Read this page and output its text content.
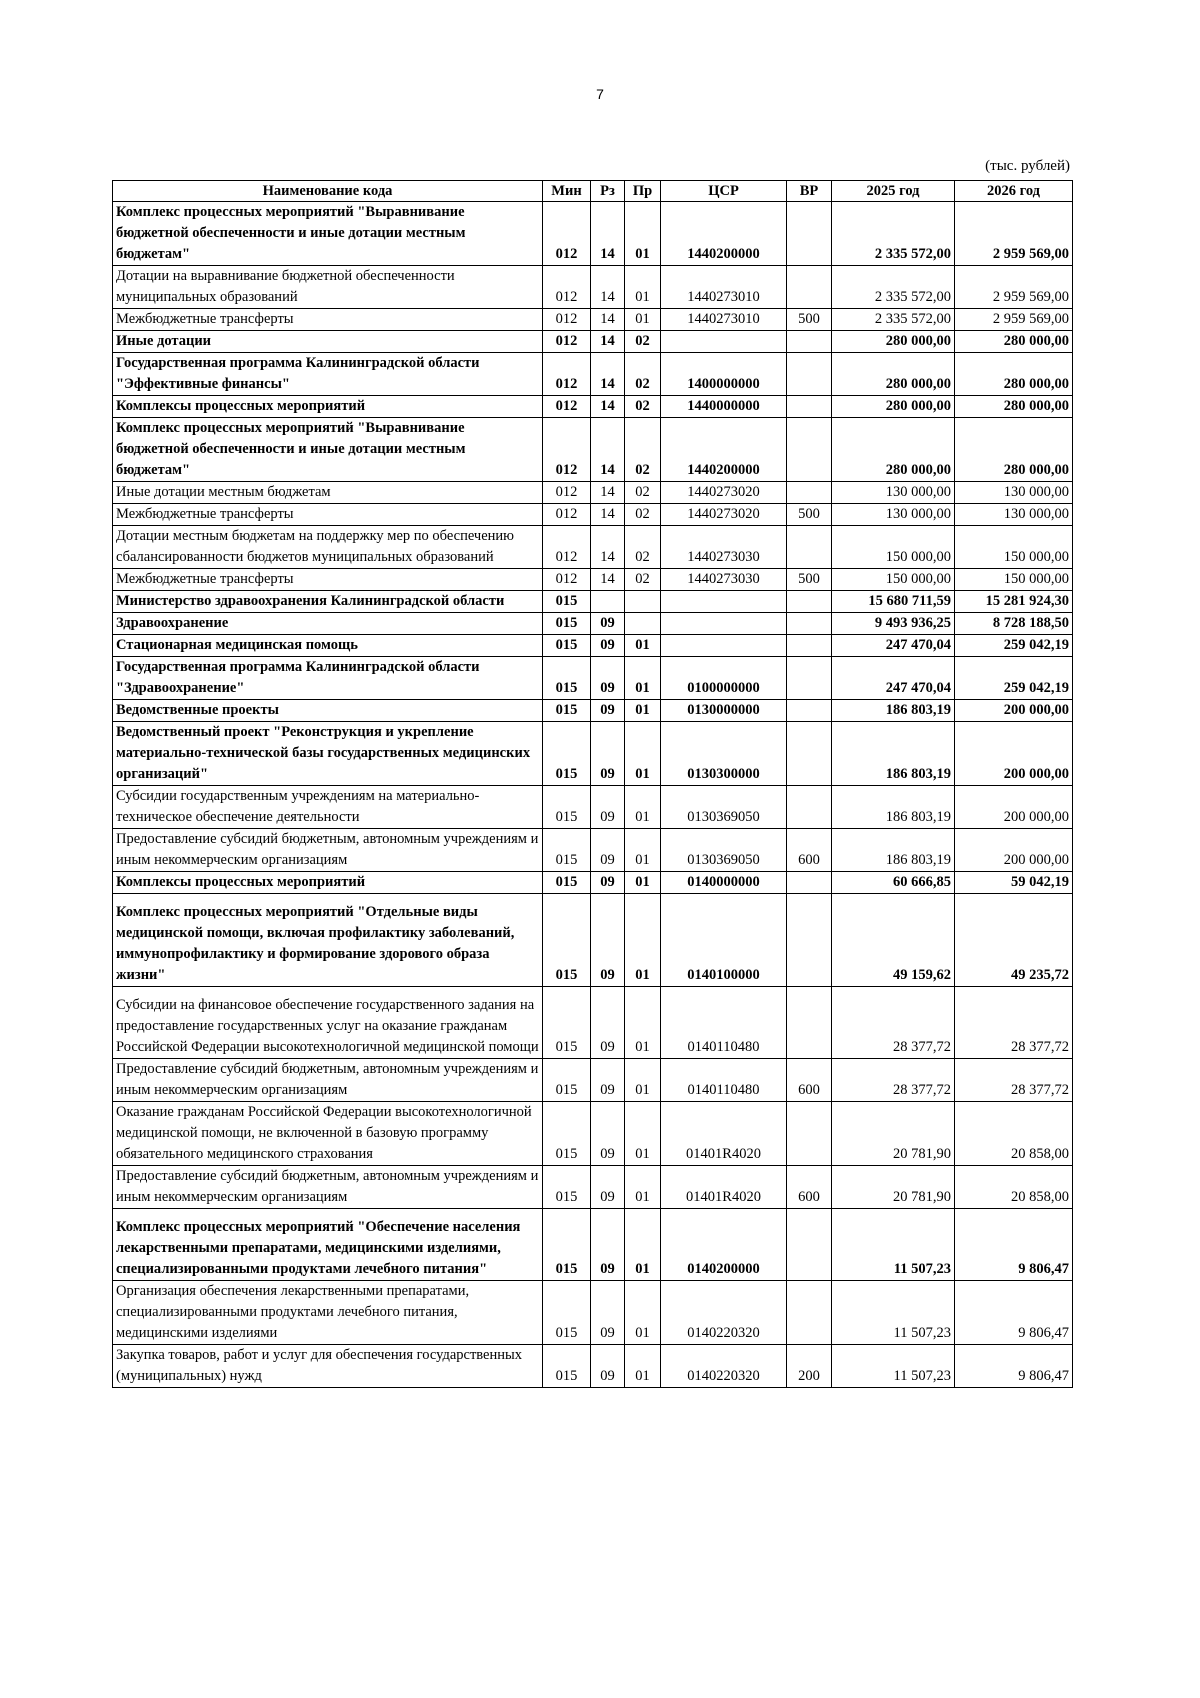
7
(тыс. рублей)
Наименование кода	Мин	Рз	Пр	ЦСР	ВР	2025 год	2026 год
Комплекс процессных мероприятий "Выравнивание бюджетной обеспеченности и иные дотации местным бюджетам"	012	14	01	1440200000		2 335 572,00	2 959 569,00
Дотации на выравнивание бюджетной обеспеченности муниципальных образований	012	14	01	1440273010		2 335 572,00	2 959 569,00
Межбюджетные трансферты	012	14	01	1440273010	500	2 335 572,00	2 959 569,00
Иные дотации	012	14	02			280 000,00	280 000,00
Государственная программа Калининградской области "Эффективные финансы"	012	14	02	1400000000		280 000,00	280 000,00
Комплексы процессных мероприятий	012	14	02	1440000000		280 000,00	280 000,00
Комплекс процессных мероприятий "Выравнивание бюджетной обеспеченности и иные дотации местным бюджетам"	012	14	02	1440200000		280 000,00	280 000,00
Иные дотации местным бюджетам	012	14	02	1440273020		130 000,00	130 000,00
Межбюджетные трансферты	012	14	02	1440273020	500	130 000,00	130 000,00
Дотации местным бюджетам на поддержку мер по обеспечению сбалансированности бюджетов муниципальных образований	012	14	02	1440273030		150 000,00	150 000,00
Межбюджетные трансферты	012	14	02	1440273030	500	150 000,00	150 000,00
Министерство здравоохранения Калининградской области	015					15 680 711,59	15 281 924,30
Здравоохранение	015	09				9 493 936,25	8 728 188,50
Стационарная медицинская помощь	015	09	01			247 470,04	259 042,19
Государственная программа Калининградской области "Здравоохранение"	015	09	01	0100000000		247 470,04	259 042,19
Ведомственные проекты	015	09	01	0130000000		186 803,19	200 000,00
Ведомственный проект "Реконструкция и укрепление материально-технической базы государственных медицинских организаций"	015	09	01	0130300000		186 803,19	200 000,00
Субсидии государственным учреждениям на материально-техническое обеспечение деятельности	015	09	01	0130369050		186 803,19	200 000,00
Предоставление субсидий бюджетным, автономным учреждениям и иным некоммерческим организациям	015	09	01	0130369050	600	186 803,19	200 000,00
Комплексы процессных мероприятий	015	09	01	0140000000		60 666,85	59 042,19
Комплекс процессных мероприятий "Отдельные виды медицинской помощи, включая профилактику заболеваний, иммунопрофилактику и формирование здорового образа жизни"	015	09	01	0140100000		49 159,62	49 235,72
Субсидии на финансовое обеспечение государственного задания на предоставление государственных услуг на оказание гражданам Российской Федерации высокотехнологичной медицинской помощи	015	09	01	0140110480		28 377,72	28 377,72
Предоставление субсидий бюджетным, автономным учреждениям и иным некоммерческим организациям	015	09	01	0140110480	600	28 377,72	28 377,72
Оказание гражданам Российской Федерации высокотехнологичной медицинской помощи, не включенной в базовую программу обязательного медицинского страхования	015	09	01	01401R4020		20 781,90	20 858,00
Предоставление субсидий бюджетным, автономным учреждениям и иным некоммерческим организациям	015	09	01	01401R4020	600	20 781,90	20 858,00
Комплекс процессных мероприятий "Обеспечение населения лекарственными препаратами, медицинскими изделиями, специализированными продуктами лечебного питания"	015	09	01	0140200000		11 507,23	9 806,47
Организация обеспечения лекарственными препаратами, специализированными продуктами лечебного питания, медицинскими изделиями	015	09	01	0140220320		11 507,23	9 806,47
Закупка товаров, работ и услуг для обеспечения государственных (муниципальных) нужд	015	09	01	0140220320	200	11 507,23	9 806,47
